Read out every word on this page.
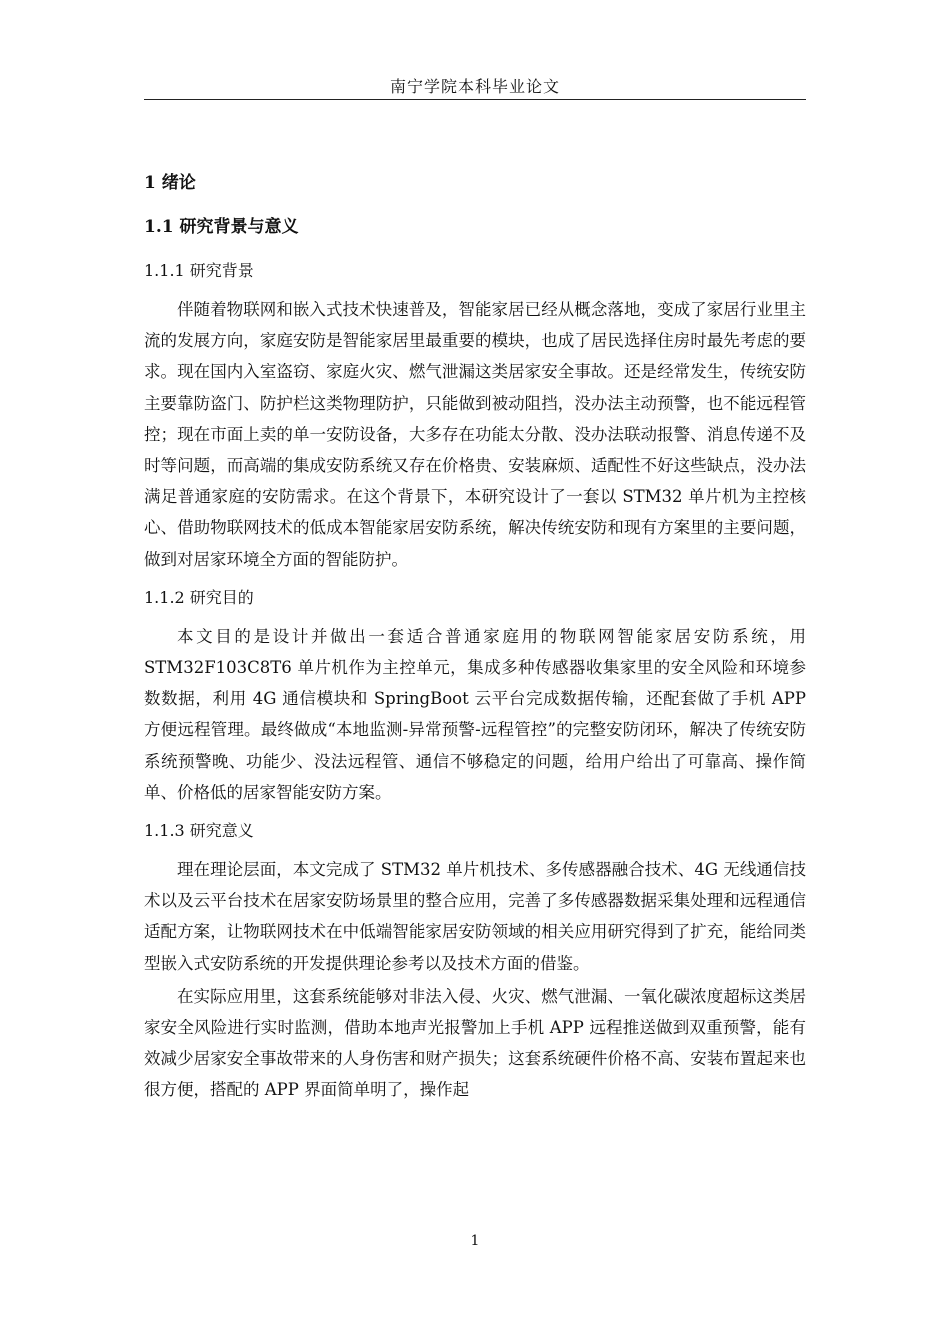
南宁学院本科毕业论文
1 绪论
1.1 研究背景与意义
1.1.1 研究背景

伴随着物联网和嵌入式技术快速普及，智能家居已经从概念落地，变成了家居行业里主流的发展方向，家庭安防是智能家居里最重要的模块，也成了居民选择住房时最先考虑的要求。现在国内入室盗窃、家庭火灾、燃气泄漏这类居家安全事故。还是经常发生，传统安防主要靠防盗门、防护栏这类物理防护，只能做到被动阻挡，没办法主动预警，也不能远程管控；现在市面上卖的单一安防设备，大多存在功能太分散、没办法联动报警、消息传递不及时等问题，而高端的集成安防系统又存在价格贵、安装麻烦、适配性不好这些缺点，没办法满足普通家庭的安防需求。在这个背景下，本研究设计了一套以 STM32 单片机为主控核心、借助物联网技术的低成本智能家居安防系统，解决传统安防和现有方案里的主要问题，做到对居家环境全方面的智能防护。

1.1.2 研究目的

本文目的是设计并做出一套适合普通家庭用的物联网智能家居安防系统，用 STM32F103C8T6 单片机作为主控单元，集成多种传感器收集家里的安全风险和环境参数数据，利用 4G 通信模块和 SpringBoot 云平台完成数据传输，还配套做了手机 APP 方便远程管理。最终做成“本地监测-异常预警-远程管控”的完整安防闭环，解决了传统安防系统预警晚、功能少、没法远程管、通信不够稳定的问题，给用户给出了可靠高、操作简单、价格低的居家智能安防方案。

1.1.3 研究意义

理在理论层面，本文完成了 STM32 单片机技术、多传感器融合技术、4G 无线通信技术以及云平台技术在居家安防场景里的整合应用，完善了多传感器数据采集处理和远程通信适配方案，让物联网技术在中低端智能家居安防领域的相关应用研究得到了扩充，能给同类型嵌入式安防系统的开发提供理论参考以及技术方面的借鉴。

在实际应用里，这套系统能够对非法入侵、火灾、燃气泄漏、一氧化碳浓度超标这类居家安全风险进行实时监测，借助本地声光报警加上手机 APP 远程推送做到双重预警，能有效减少居家安全事故带来的人身伤害和财产损失；这套系统硬件价格不高、安装布置起来也很方便，搭配的 APP 界面简单明了，操作起

1
